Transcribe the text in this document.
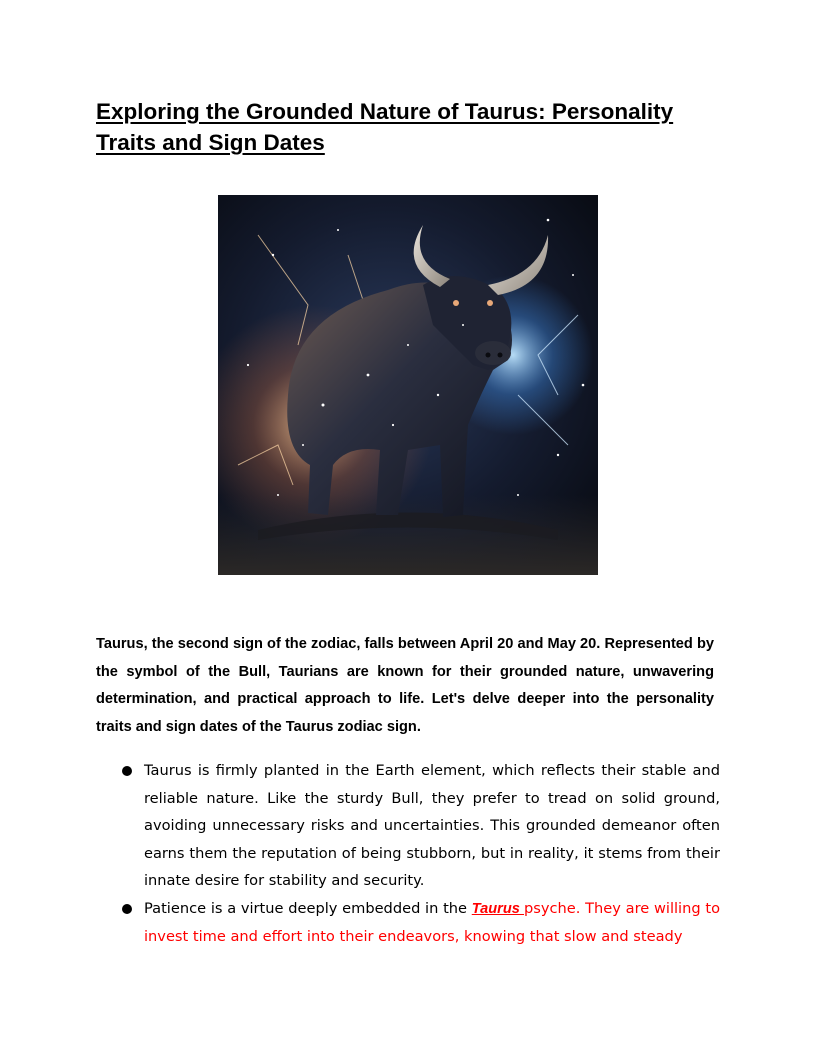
Exploring the Grounded Nature of Taurus: Personality Traits and Sign Dates

Taurus, the second sign of the zodiac, falls between April 20 and May 20. Represented by the symbol of the Bull, Taurians are known for their grounded nature, unwavering determination, and practical approach to life. Let's delve deeper into the personality traits and sign dates of the Taurus zodiac sign.

Taurus is firmly planted in the Earth element, which reflects their stable and reliable nature. Like the sturdy Bull, they prefer to tread on solid ground, avoiding unnecessary risks and uncertainties. This grounded demeanor often earns them the reputation of being stubborn, but in reality, it stems from their innate desire for stability and security.
Patience is a virtue deeply embedded in the Taurus psyche. They are willing to invest time and effort into their endeavors, knowing that slow and steady
